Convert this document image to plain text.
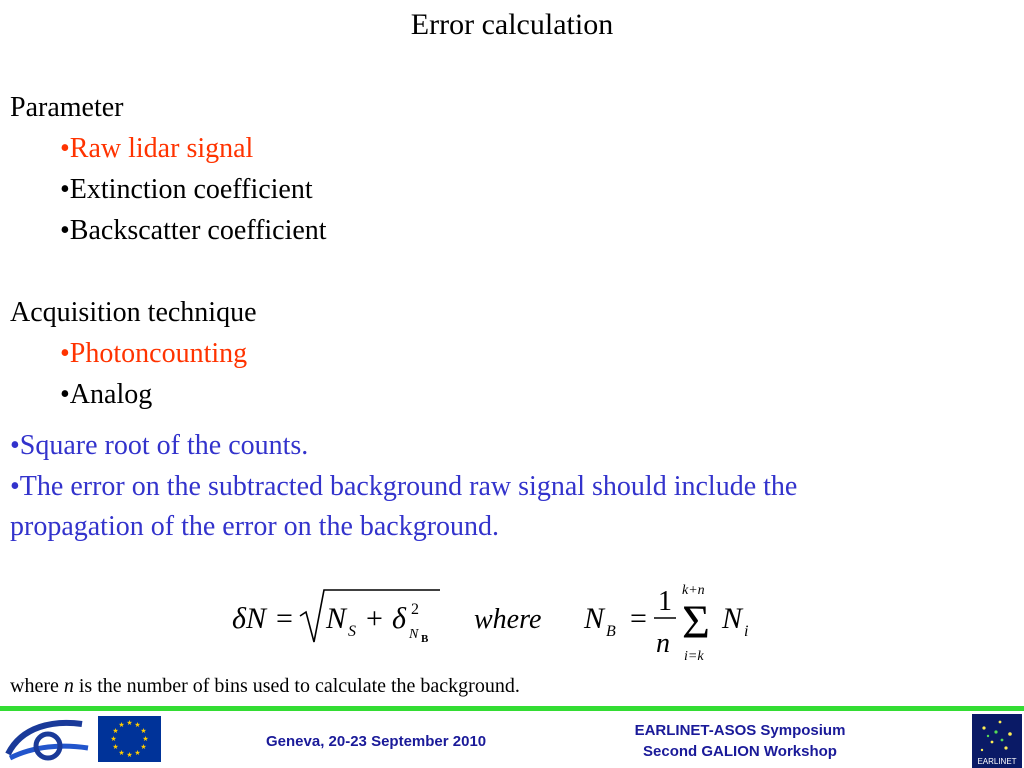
Error calculation
Parameter
•Raw lidar signal
•Extinction coefficient
•Backscatter coefficient
Acquisition technique
•Photoncounting
•Analog
•Square root of the counts.
•The error on the subtracted background raw signal should include the
propagation of the error on the background.
δN = N S + δ 2
N B
where N B =
1
n
k+n
Σ
i=k
N i
where n is the number of bins used to calculate the background.
★ ★
★
★
★
★
★
★
★
★
★
★
Geneva, 20-23 September 2010
EARLINET-ASOS Symposium
Second GALION Workshop
EARLINET
